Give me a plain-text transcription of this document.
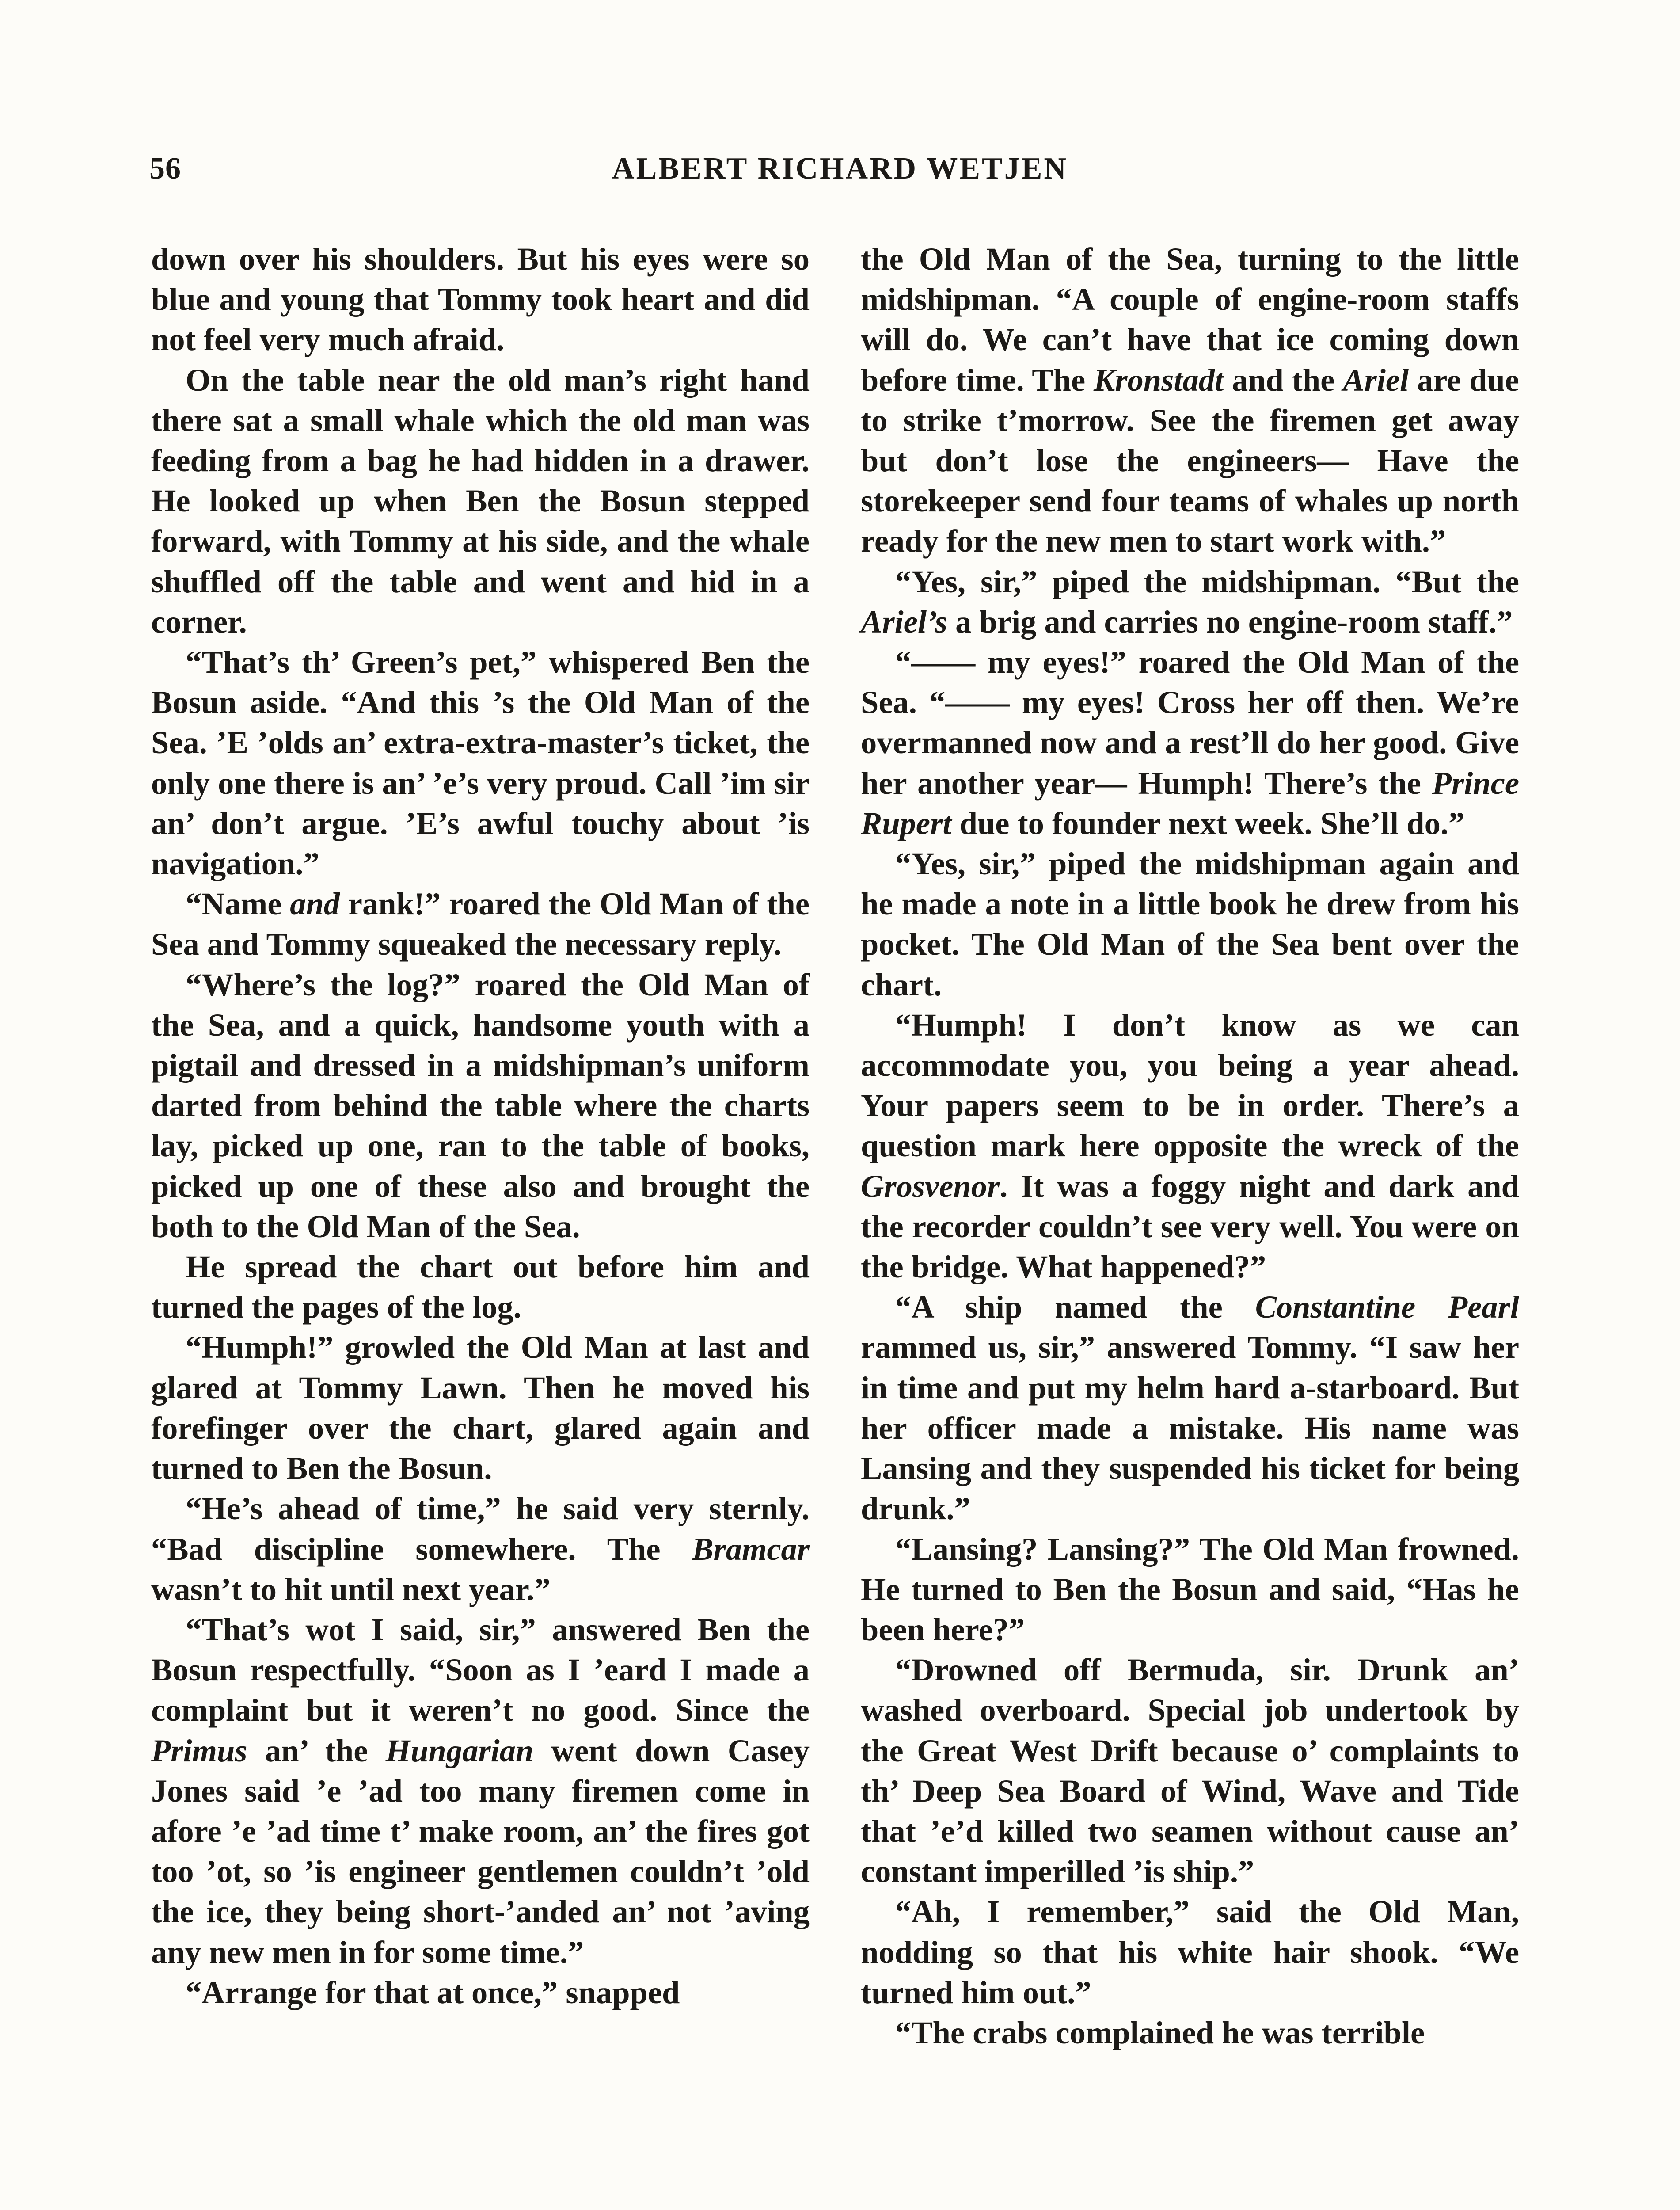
56	ALBERT RICHARD WETJEN

down over his shoulders. But his eyes were so blue and young that Tommy took heart and did not feel very much afraid.

On the table near the old man’s right hand there sat a small whale which the old man was feeding from a bag he had hidden in a drawer. He looked up when Ben the Bosun stepped forward, with Tommy at his side, and the whale shuffled off the table and went and hid in a corner.

“That’s th’ Green’s pet,” whispered Ben the Bosun aside. “And this ’s the Old Man of the Sea. ’E ’olds an’ extra-extra-master’s ticket, the only one there is an’ ’e’s very proud. Call ’im sir an’ don’t argue. ’E’s awful touchy about ’is navigation.”

“Name and rank!” roared the Old Man of the Sea and Tommy squeaked the necessary reply.

“Where’s the log?” roared the Old Man of the Sea, and a quick, handsome youth with a pigtail and dressed in a midshipman’s uniform darted from behind the table where the charts lay, picked up one, ran to the table of books, picked up one of these also and brought the both to the Old Man of the Sea.

He spread the chart out before him and turned the pages of the log.

“Humph!” growled the Old Man at last and glared at Tommy Lawn. Then he moved his forefinger over the chart, glared again and turned to Ben the Bosun.

“He’s ahead of time,” he said very sternly. “Bad discipline somewhere. The Bramcar wasn’t to hit until next year.”

“That’s wot I said, sir,” answered Ben the Bosun respectfully. “Soon as I ’eard I made a complaint but it weren’t no good. Since the Primus an’ the Hungarian went down Casey Jones said ’e ’ad too many firemen come in afore ’e ’ad time t’ make room, an’ the fires got too ’ot, so ’is engineer gentlemen couldn’t ’old the ice, they being short-’anded an’ not ’aving any new men in for some time.”

“Arrange for that at once,” snapped

the Old Man of the Sea, turning to the little midshipman. “A couple of engine-room staffs will do. We can’t have that ice coming down before time. The Kronstadt and the Ariel are due to strike t’morrow. See the firemen get away but don’t lose the engineers— Have the storekeeper send four teams of whales up north ready for the new men to start work with.”

“Yes, sir,” piped the midshipman. “But the Ariel’s a brig and carries no engine-room staff.”

“—— my eyes!” roared the Old Man of the Sea. “—— my eyes! Cross her off then. We’re overmanned now and a rest’ll do her good. Give her another year— Humph! There’s the Prince Rupert due to founder next week. She’ll do.”

“Yes, sir,” piped the midshipman again and he made a note in a little book he drew from his pocket. The Old Man of the Sea bent over the chart.

“Humph! I don’t know as we can accommodate you, you being a year ahead. Your papers seem to be in order. There’s a question mark here opposite the wreck of the Grosvenor. It was a foggy night and dark and the recorder couldn’t see very well. You were on the bridge. What happened?”

“A ship named the Constantine Pearl rammed us, sir,” answered Tommy. “I saw her in time and put my helm hard a-starboard. But her officer made a mistake. His name was Lansing and they suspended his ticket for being drunk.”

“Lansing? Lansing?” The Old Man frowned. He turned to Ben the Bosun and said, “Has he been here?”

“Drowned off Bermuda, sir. Drunk an’ washed overboard. Special job undertook by the Great West Drift because o’ complaints to th’ Deep Sea Board of Wind, Wave and Tide that ’e’d killed two seamen without cause an’ constant imperilled ’is ship.”

“Ah, I remember,” said the Old Man, nodding so that his white hair shook. “We turned him out.”

“The crabs complained he was terrible
